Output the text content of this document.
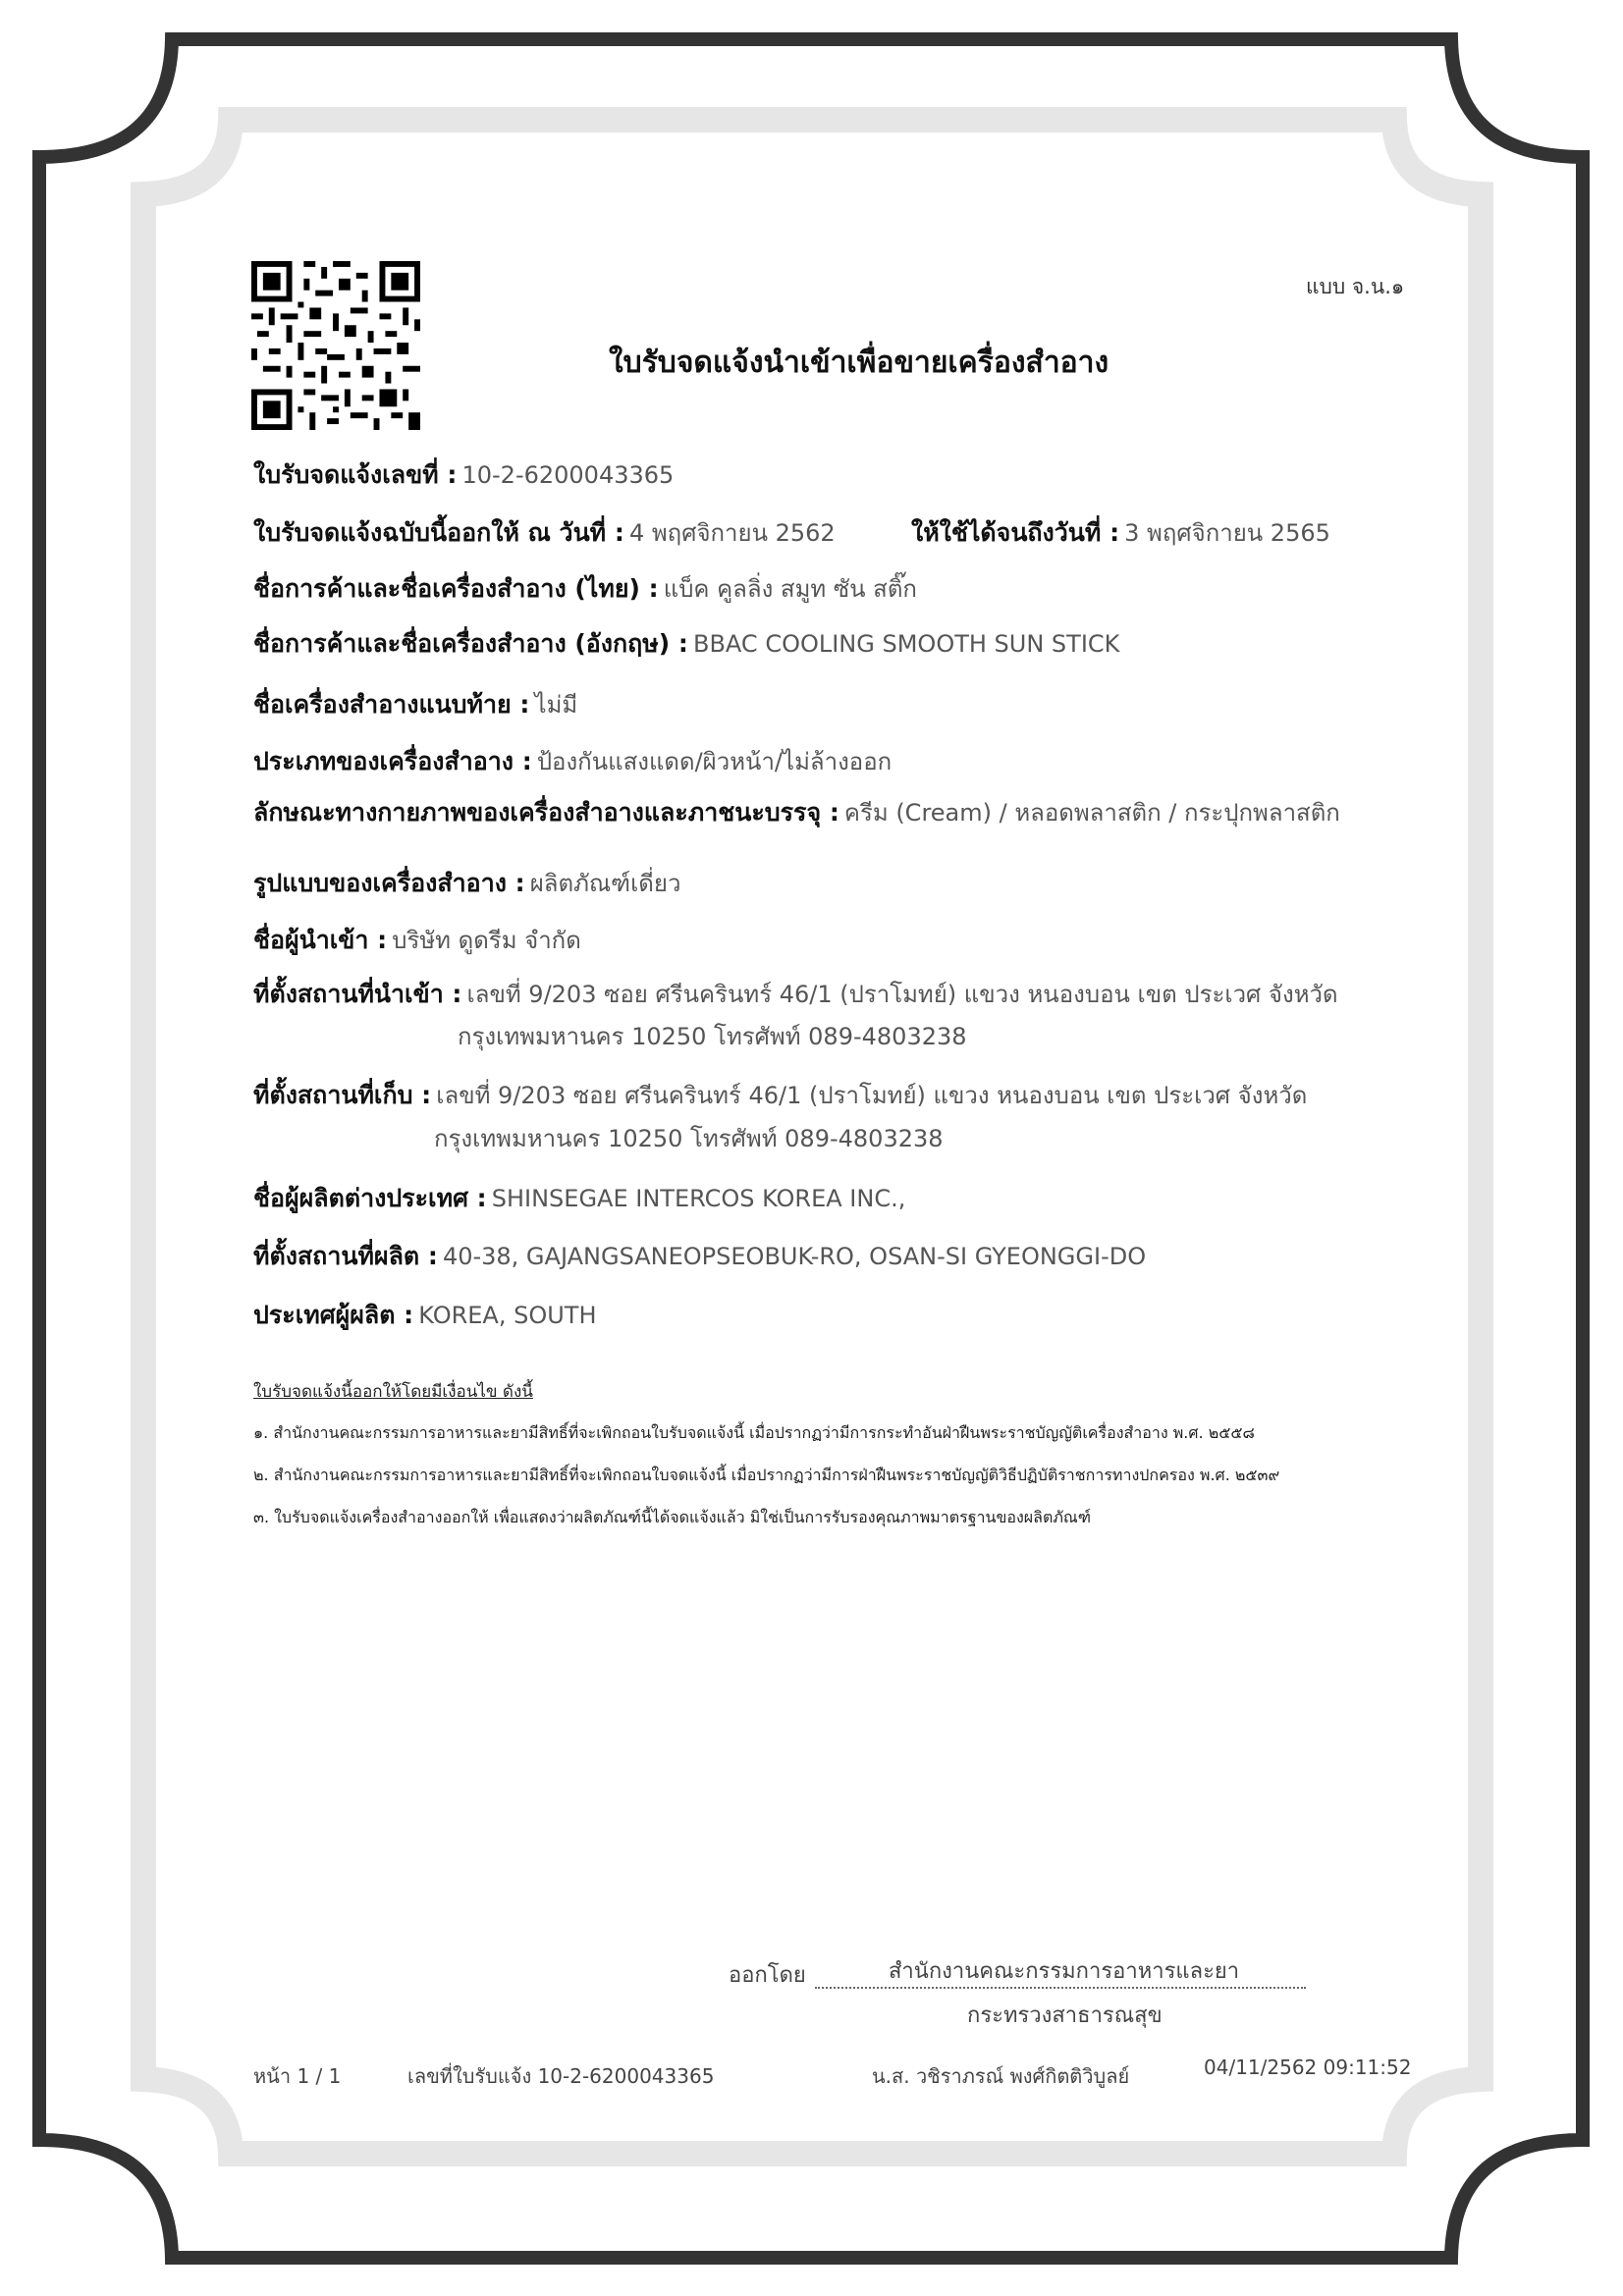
แบบ จ.น.๑
ใบรับจดแจ้งนำเข้าเพื่อขายเครื่องสำอาง
ใบรับจดแจ้งเลขที่ : 10-2-6200043365
ใบรับจดแจ้งฉบับนี้ออกให้ ณ วันที่ : 4 พฤศจิกายน 2562	ให้ใช้ได้จนถึงวันที่ : 3 พฤศจิกายน 2565
ชื่อการค้าและชื่อเครื่องสำอาง (ไทย) : แบ็ค คูลลิ่ง สมูท ซัน สติ๊ก
ชื่อการค้าและชื่อเครื่องสำอาง (อังกฤษ) : BBAC COOLING SMOOTH SUN STICK
ชื่อเครื่องสำอางแนบท้าย : ไม่มี
ประเภทของเครื่องสำอาง : ป้องกันแสงแดด/ผิวหน้า/ไม่ล้างออก
ลักษณะทางกายภาพของเครื่องสำอางและภาชนะบรรจุ : ครีม (Cream) / หลอดพลาสติก / กระปุกพลาสติก
รูปแบบของเครื่องสำอาง : ผลิตภัณฑ์เดี่ยว
ชื่อผู้นำเข้า : บริษัท ดูดรีม จำกัด
ที่ตั้งสถานที่นำเข้า : เลขที่ 9/203 ซอย ศรีนครินทร์ 46/1 (ปราโมทย์) แขวง หนองบอน เขต ประเวศ จังหวัด
กรุงเทพมหานคร 10250 โทรศัพท์ 089-4803238
ที่ตั้งสถานที่เก็บ : เลขที่ 9/203 ซอย ศรีนครินทร์ 46/1 (ปราโมทย์) แขวง หนองบอน เขต ประเวศ จังหวัด
กรุงเทพมหานคร 10250 โทรศัพท์ 089-4803238
ชื่อผู้ผลิตต่างประเทศ : SHINSEGAE INTERCOS KOREA INC.,
ที่ตั้งสถานที่ผลิต : 40-38, GAJANGSANEOPSEOBUK-RO, OSAN-SI GYEONGGI-DO
ประเทศผู้ผลิต : KOREA, SOUTH
ใบรับจดแจ้งนี้ออกให้โดยมีเงื่อนไข ดังนี้
๑. สำนักงานคณะกรรมการอาหารและยามีสิทธิ์ที่จะเพิกถอนใบรับจดแจ้งนี้ เมื่อปรากฏว่ามีการกระทำอันฝ่าฝืนพระราชบัญญัติเครื่องสำอาง พ.ศ. ๒๕๕๘
๒. สำนักงานคณะกรรมการอาหารและยามีสิทธิ์ที่จะเพิกถอนใบจดแจ้งนี้ เมื่อปรากฏว่ามีการฝ่าฝืนพระราชบัญญัติวิธีปฏิบัติราชการทางปกครอง พ.ศ. ๒๕๓๙
๓. ใบรับจดแจ้งเครื่องสำอางออกให้ เพื่อแสดงว่าผลิตภัณฑ์นี้ได้จดแจ้งแล้ว มิใช่เป็นการรับรองคุณภาพมาตรฐานของผลิตภัณฑ์
ออกโดย	สำนักงานคณะกรรมการอาหารและยา
กระทรวงสาธารณสุข
หน้า 1 / 1	เลขที่ใบรับแจ้ง 10-2-6200043365	น.ส. วชิราภรณ์ พงศ์กิตติวิบูลย์	04/11/2562 09:11:52
